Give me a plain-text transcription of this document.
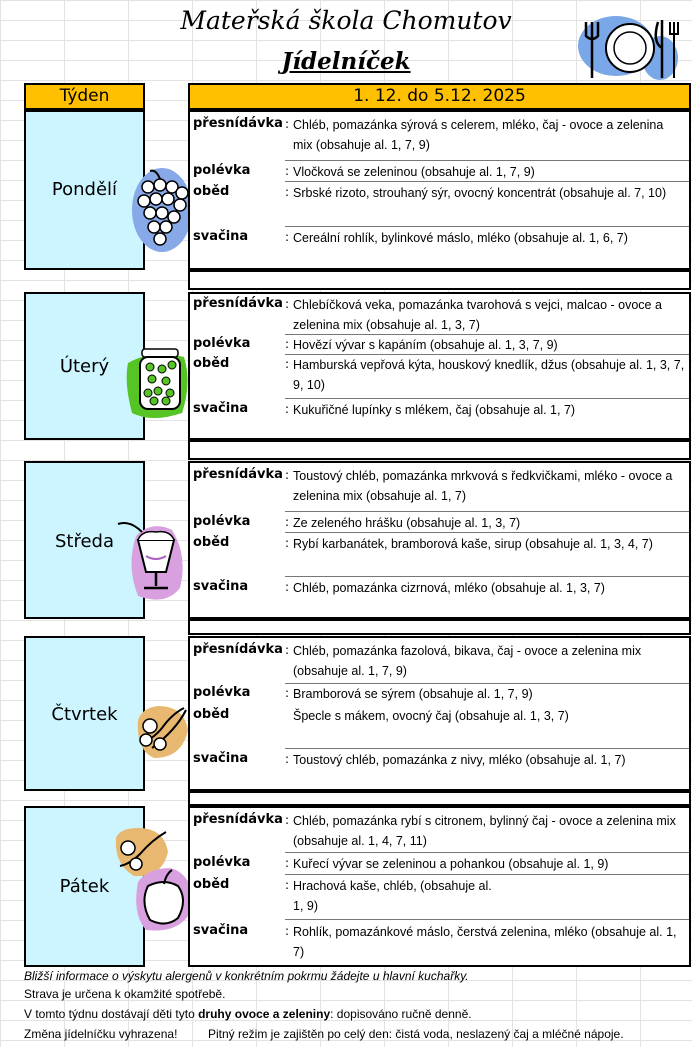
Mateřská škola Chomutov
Jídelníček
Týden	1. 12. do 5.12. 2025
Pondělí
přesnídávka : Chléb, pomazánka sýrová s celerem, mléko, čaj - ovoce a zelenina mix (obsahuje al. 1, 7, 9)
polévka	: Vločková se zeleninou (obsahuje al. 1, 7, 9)
oběd	: Srbské rizoto, strouhaný sýr, ovocný koncentrát (obsahuje al. 7, 10)
svačina	: Cereální rohlík, bylinkové máslo, mléko (obsahuje al. 1, 6, 7)
Úterý
přesnídávka : Chlebíčková veka, pomazánka tvarohová s vejci, malcao - ovoce a zelenina mix (obsahuje al. 1, 3, 7)
polévka	: Hovězí vývar s kapáním (obsahuje al. 1, 3, 7, 9)
oběd	: Hamburská vepřová kýta, houskový knedlík, džus (obsahuje al. 1, 3, 7, 9, 10)
svačina	: Kukuřičné lupínky s mlékem, čaj (obsahuje al. 1, 7)
Středa
přesnídávka : Toustový chléb, pomazánka mrkvová s ředkvičkami, mléko - ovoce a zelenina mix (obsahuje al. 1, 7)
polévka	: Ze zeleného hrášku (obsahuje al. 1, 3, 7)
oběd	: Rybí karbanátek, bramborová kaše, sirup (obsahuje al. 1, 3, 4, 7)
svačina	: Chléb, pomazánka cizrnová, mléko (obsahuje al. 1, 3, 7)
Čtvrtek
přesnídávka : Chléb, pomazánka fazolová, bikava, čaj - ovoce a zelenina mix (obsahuje al. 1, 7, 9)
polévka	: Bramborová se sýrem (obsahuje al. 1, 7, 9)
oběd	Špecle s mákem, ovocný čaj (obsahuje al. 1, 3, 7)
svačina	: Toustový chléb, pomazánka z nivy, mléko (obsahuje al. 1, 7)
Pátek
přesnídávka : Chléb, pomazánka rybí s citronem, bylinný čaj - ovoce a zelenina mix (obsahuje al. 1, 4, 7, 11)
polévka	: Kuřecí vývar se zeleninou a pohankou (obsahuje al. 1, 9)
oběd	: Hrachová kaše, chléb, (obsahuje al. 1, 9)
svačina	: Rohlík, pomazánkové máslo, čerstvá zelenina, mléko (obsahuje al. 1, 7)
Bližší informace o výskytu alergenů v konkrétním pokrmu žádejte u hlavní kuchařky.
Strava je určena k okamžité spotřebě.
V tomto týdnu dostávají děti tyto druhy ovoce a zeleniny: dopisováno ručně denně.
Změna jídelníčku vyhrazena!	Pitný režim je zajištěn po celý den: čistá voda, neslazený čaj a mléčné nápoje.
